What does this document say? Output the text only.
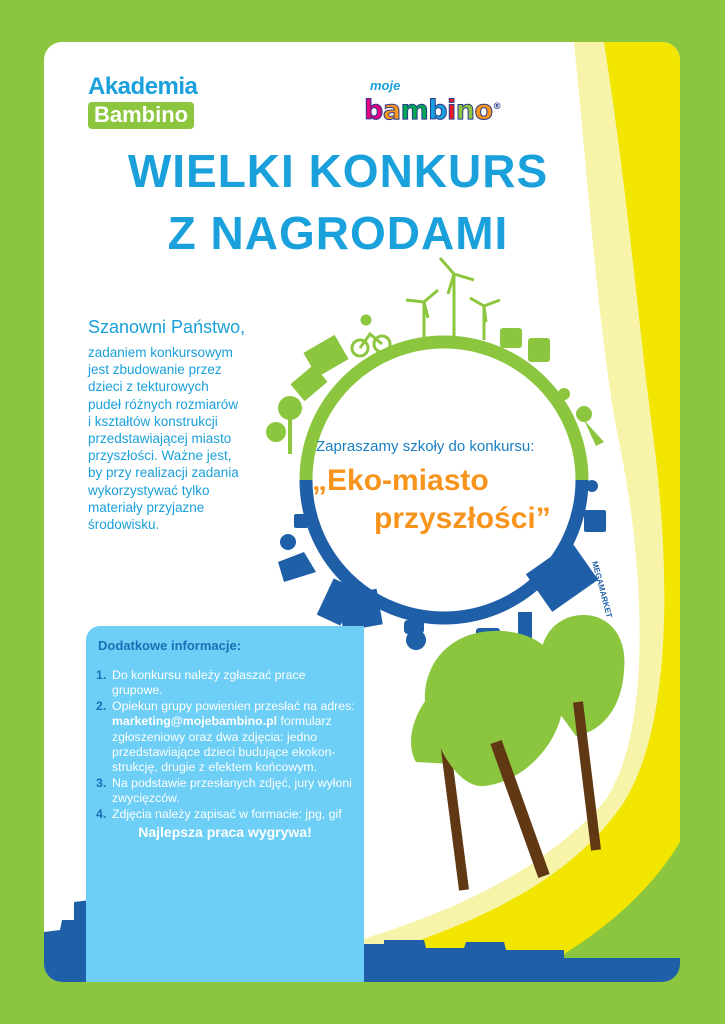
Akademia
Bambino
moje
bambino®
WIELKI KONKURS
Z NAGRODAMI
Szanowni Państwo,
zadaniem konkursowym
jest zbudowanie przez
dzieci z tekturowych
pudeł różnych rozmiarów
i kształtów konstrukcji
przedstawiającej miasto
przyszłości. Ważne jest,
by przy realizacji zadania
wykorzystywać tylko
materiały przyjazne
środowisku.
Zapraszamy szkoły do konkursu:
„Eko-miasto
przyszłości”
MEGAMARKET
Dodatkowe informacje:
1. Do konkursu należy zgłaszać prace grupowe.
2. Opiekun grupy powienien przesłać na adres: marketing@mojebambino.pl formularz zgłoszeniowy oraz dwa zdjęcia: jedno przedstawiające dzieci budujące ekokon-strukcję, drugie z efektem końcowym.
3. Na podstawie przesłanych zdjęć, jury wyłoni zwycięzców.
4. Zdjęcia należy zapisać w formacie: jpg, gif
Najlepsza praca wygrywa!
